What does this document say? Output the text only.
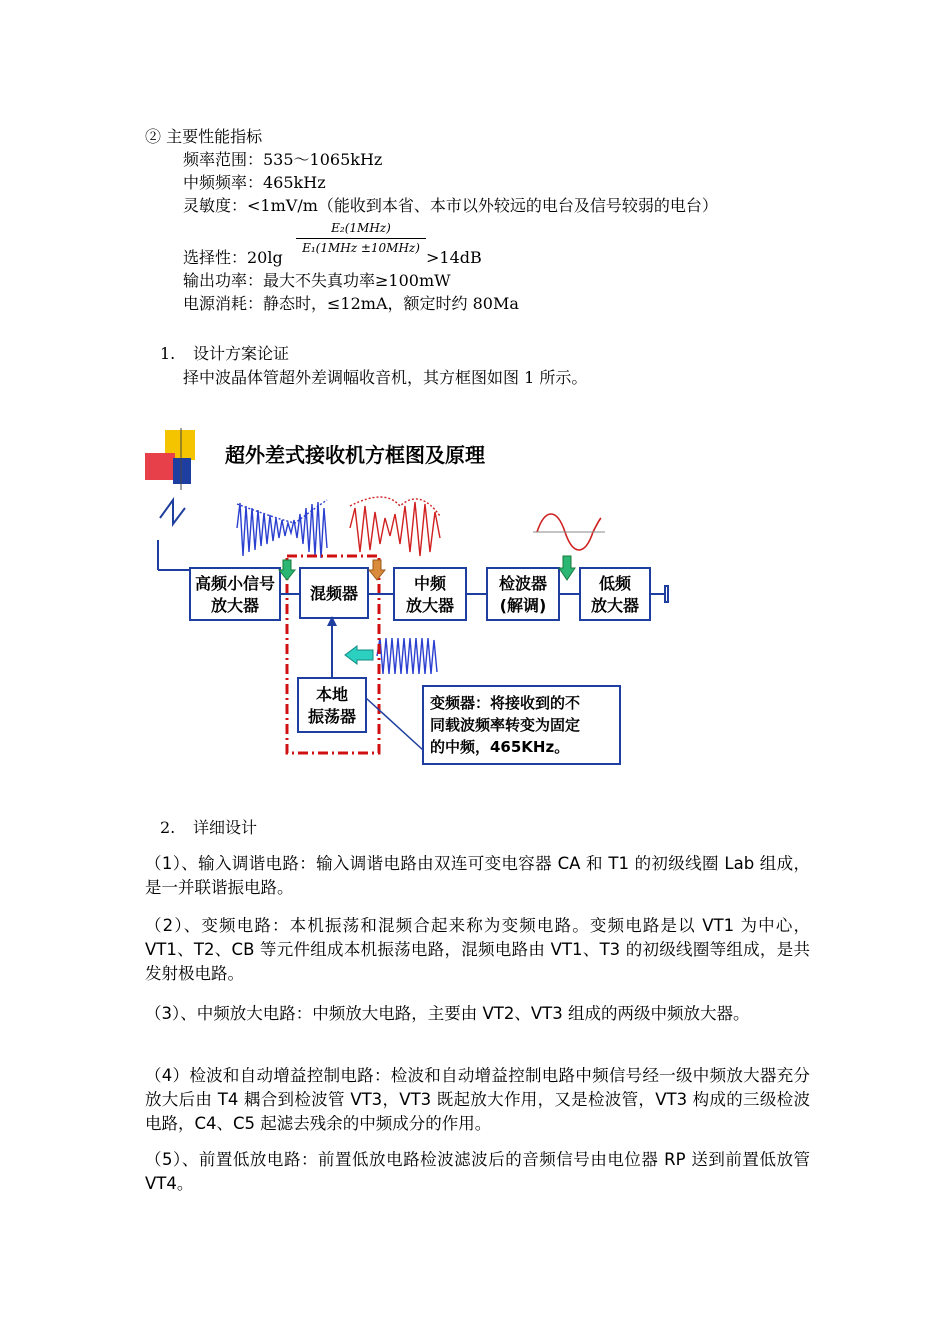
② 主要性能指标
频率范围：535～1065kHz
中频频率：465kHz
灵敏度：<1mV/m（能收到本省、本市以外较远的电台及信号较弱的电台）
选择性：20lg
E₂(1MHz)
E₁(1MHz ±10MHz) >14dB
输出功率：最大不失真功率≥100mW
电源消耗：静态时，≤12mA，额定时约 80Ma
1. 设计方案论证
择中波晶体管超外差调幅收音机，其方框图如图 1 所示。
超外差式接收机方框图及原理
高频小信号
放大器
混频器
中频
放大器
检波器
(解调)
低频
放大器
本地
振荡器
变频器：将接收到的不
同载波频率转变为固定
的中频，465KHz。
2. 详细设计
（1）、输入调谐电路：输入调谐电路由双连可变电容器 CA 和 T1 的初级线圈 Lab 组成，是一并联谐振电路。
（2）、变频电路：本机振荡和混频合起来称为变频电路。变频电路是以 VT1 为中心，VT1、T2、CB 等元件组成本机振荡电路，混频电路由 VT1、T3 的初级线圈等组成，是共发射极电路。
（3）、中频放大电路：中频放大电路，主要由 VT2、VT3 组成的两级中频放大器。
（4）检波和自动增益控制电路：检波和自动增益控制电路中频信号经一级中频放大器充分放大后由 T4 耦合到检波管 VT3，VT3 既起放大作用，又是检波管，VT3 构成的三级检波电路，C4、C5 起滤去残余的中频成分的作用。
（5）、前置低放电路：前置低放电路检波滤波后的音频信号由电位器 RP 送到前置低放管 VT4。
